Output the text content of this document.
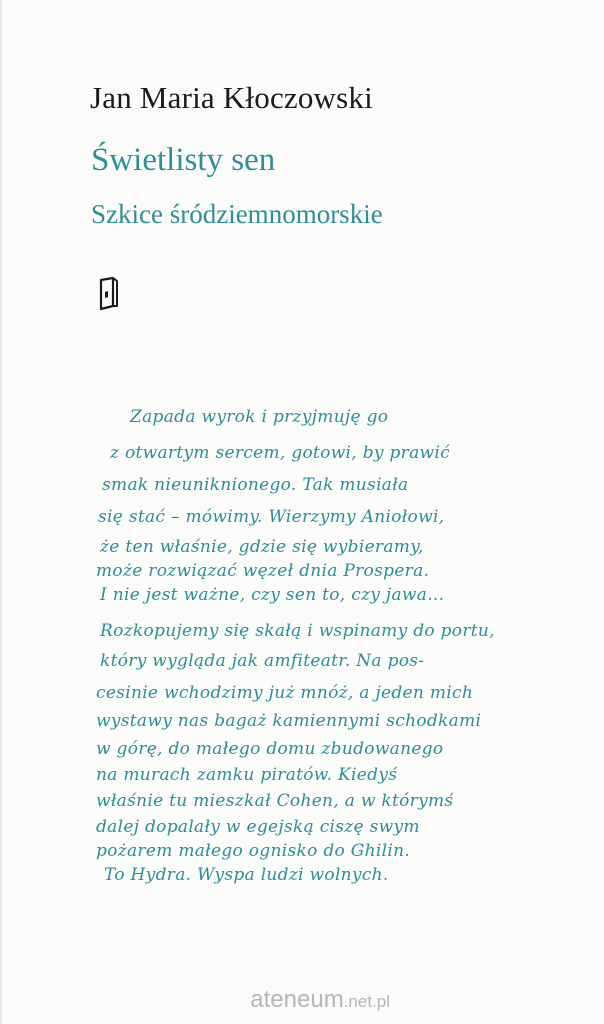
Jan Maria Kłoczowski
Świetlisty sen
Szkice śródziemnomorskie
Zapada wyrok i przyjmuję go
z otwartym sercem, gotowi, by prawić
smak nieuniknionego. Tak musiała
się stać – mówimy. Wierzymy Aniołowi,
że ten właśnie, gdzie się wybieramy,
może rozwiązać węzeł dnia Prospera.
I nie jest ważne, czy sen to, czy jawa...
Rozkopujemy się skałą i wspinamy do portu,
który wygląda jak amfiteatr. Na pos-
cesinie wchodzimy już mnóż, a jeden mich
wystawy nas bagaż kamiennymi schodkami
w górę, do małego domu zbudowanego
na murach zamku piratów. Kiedyś
właśnie tu mieszkał Cohen, a w którymś
dalej dopalały w egejską ciszę swym
pożarem małego ognisko do Ghilin.
To Hydra. Wyspa ludzi wolnych.
ateneum.net.pl
